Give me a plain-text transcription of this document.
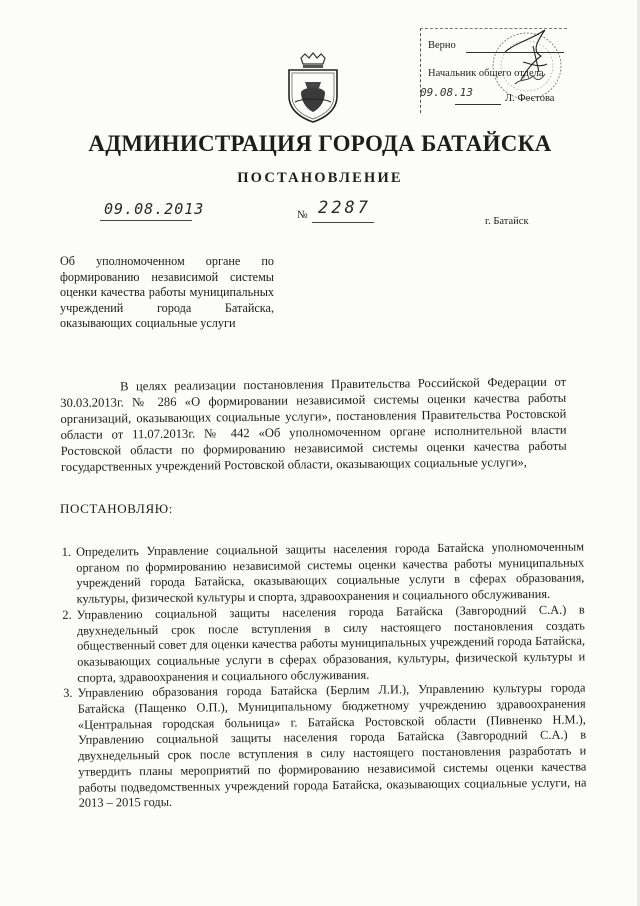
Верно
Начальник общего отдела
09.08.13	Л. Фестова
АДМИНИСТРАЦИЯ ГОРОДА БАТАЙСКА
ПОСТАНОВЛЕНИЕ
09.08.2013	№ 2287
г. Батайск
Об уполномоченном органе по формированию независимой системы оценки качества работы муниципальных учреждений города Батайска, оказывающих социальные услуги
В целях реализации постановления Правительства Российской Федерации от 30.03.2013г. № 286 «О формировании независимой системы оценки качества работы организаций, оказывающих социальные услуги», постановления Правительства Ростовской области от 11.07.2013г. № 442 «Об уполномоченном органе исполнительной власти Ростовской области по формированию независимой системы оценки качества работы государственных учреждений Ростовской области, оказывающих социальные услуги»,
ПОСТАНОВЛЯЮ:
1. Определить Управление социальной защиты населения города Батайска уполномоченным органом по формированию независимой системы оценки качества работы муниципальных учреждений города Батайска, оказывающих социальные услуги в сферах образования, культуры, физической культуры и спорта, здравоохранения и социального обслуживания.
2. Управлению социальной защиты населения города Батайска (Завгородний С.А.) в двухнедельный срок после вступления в силу настоящего постановления создать общественный совет для оценки качества работы муниципальных учреждений города Батайска, оказывающих социальные услуги в сферах образования, культуры, физической культуры и спорта, здравоохранения и социального обслуживания.
3. Управлению образования города Батайска (Берлим Л.И.), Управлению культуры города Батайска (Пащенко О.П.), Муниципальному бюджетному учреждению здравоохранения «Центральная городская больница» г. Батайска Ростовской области (Пивненко Н.М.), Управлению социальной защиты населения города Батайска (Завгородний С.А.) в двухнедельный срок после вступления в силу настоящего постановления разработать и утвердить планы мероприятий по формированию независимой системы оценки качества работы подведомственных учреждений города Батайска, оказывающих социальные услуги, на 2013 – 2015 годы.
